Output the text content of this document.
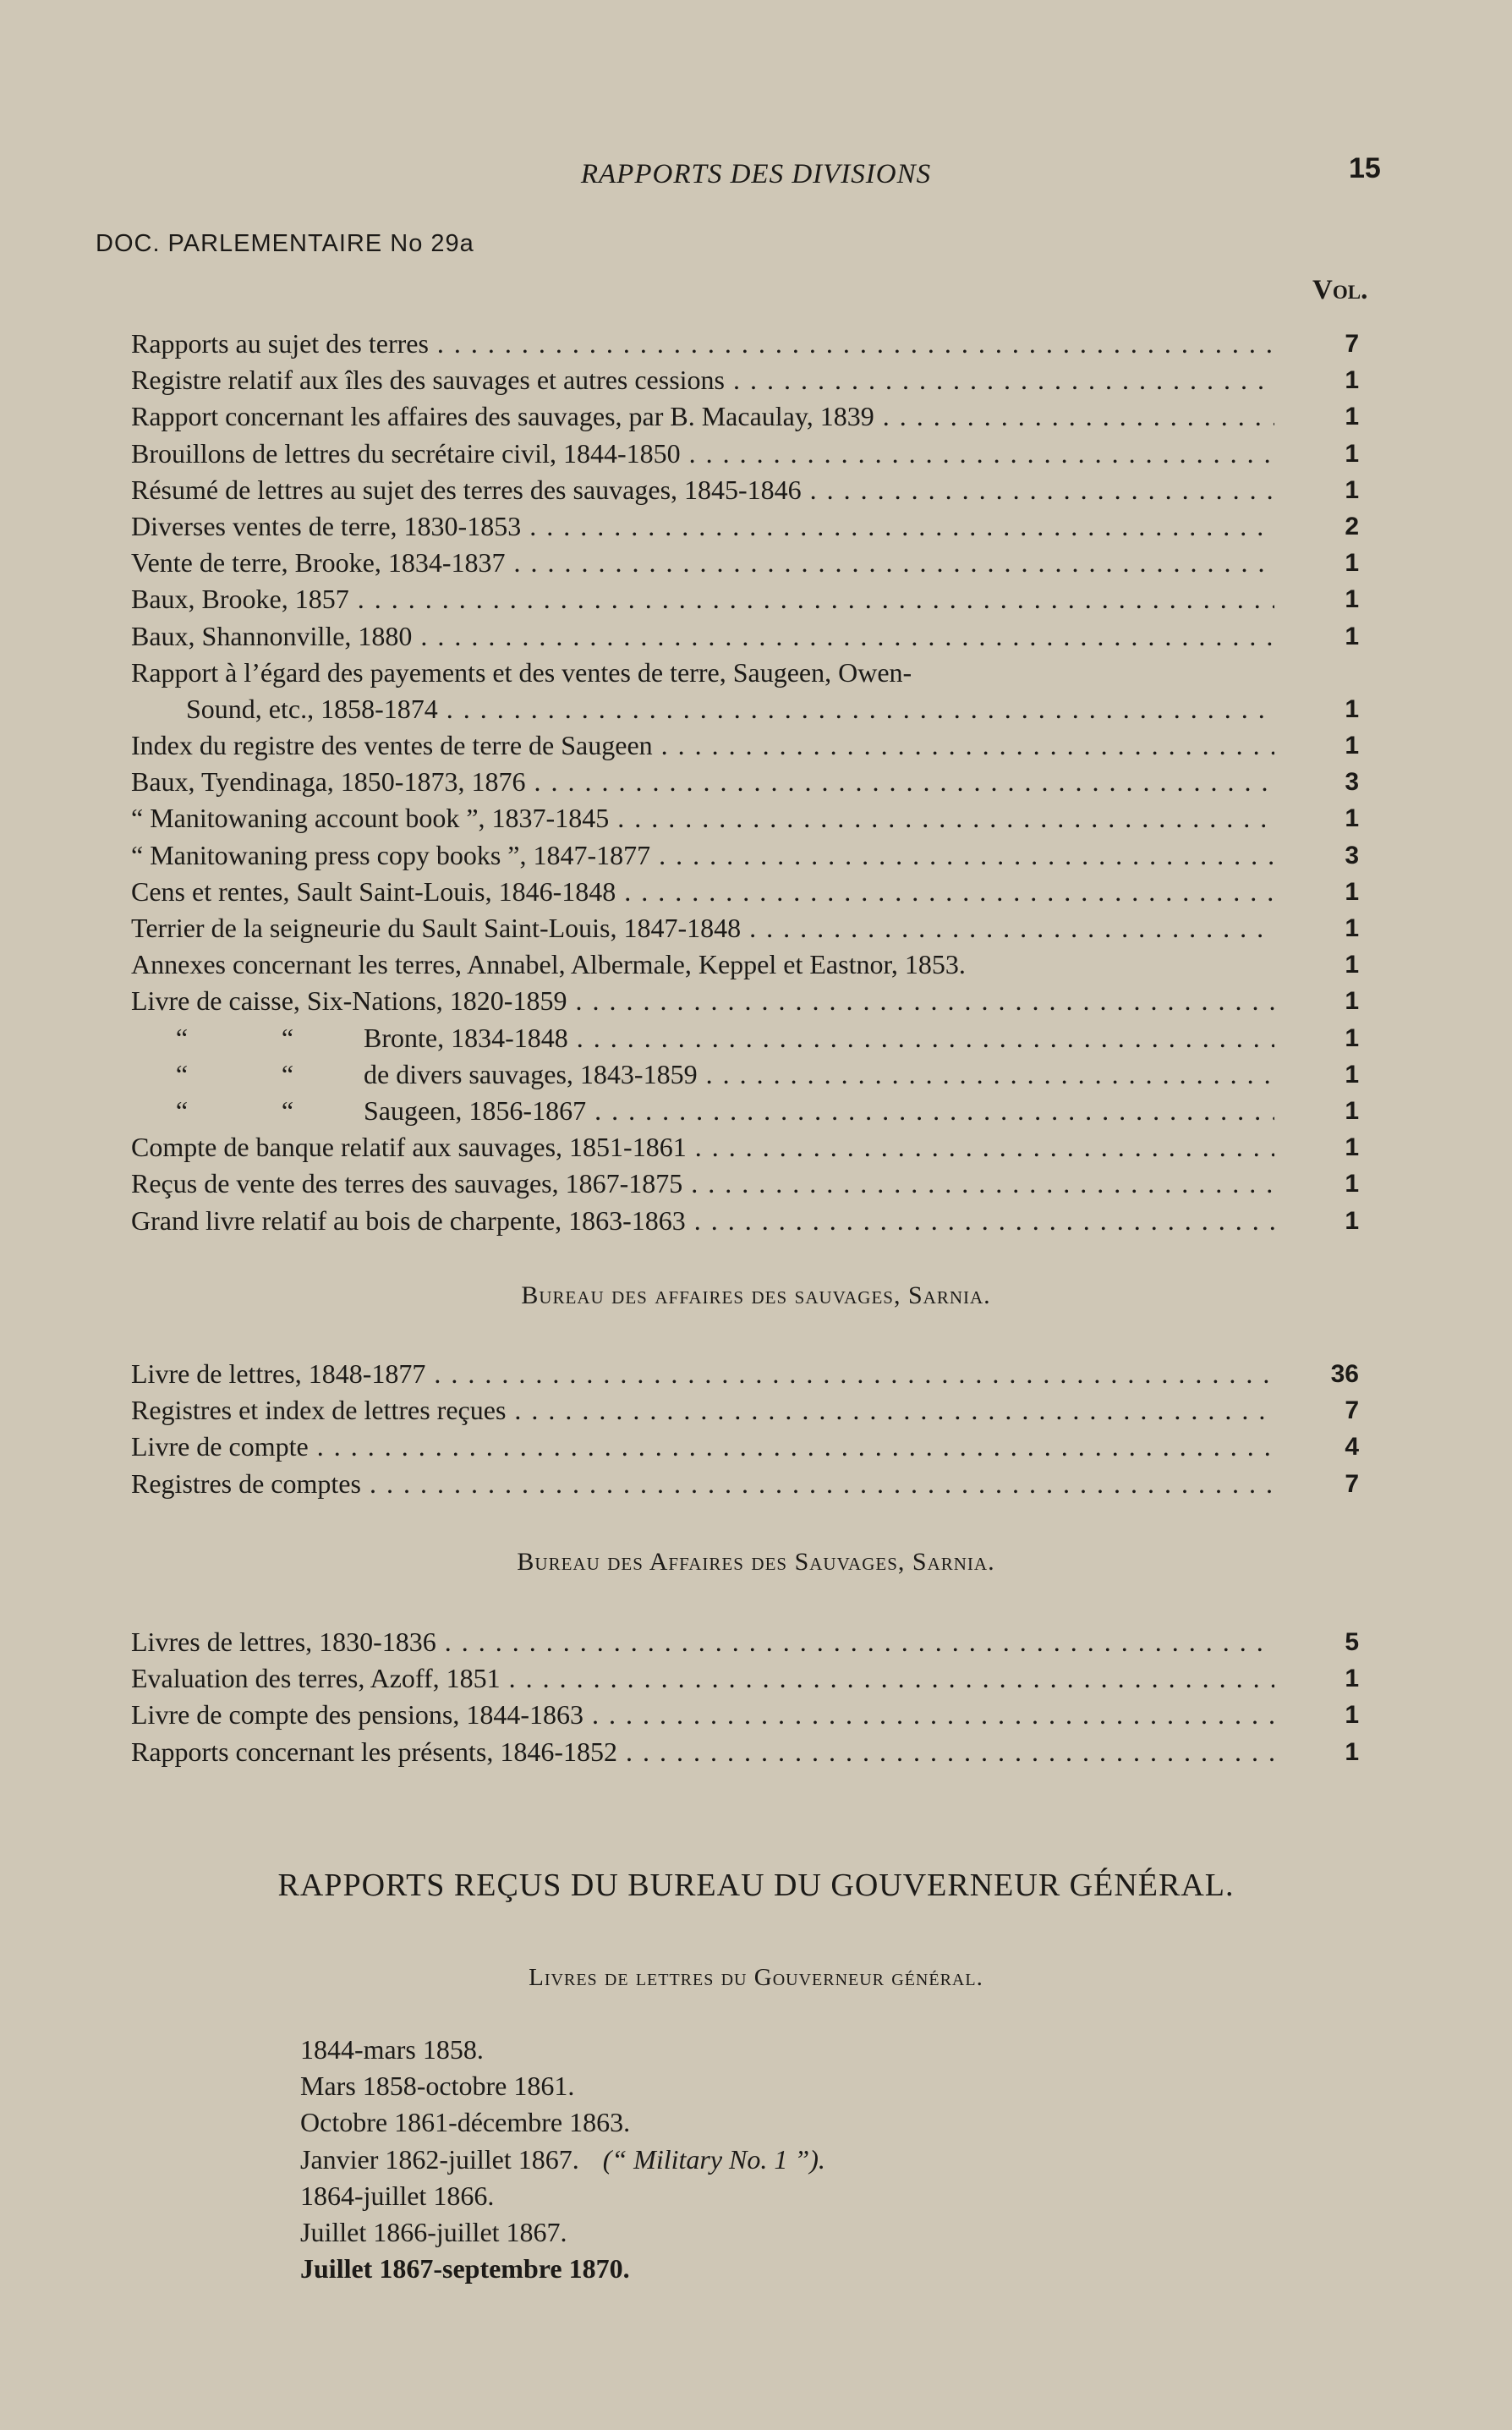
RAPPORTS DES DIVISIONS	15
DOC. PARLEMENTAIRE No 29a
Vol.
Rapports au sujet des terres . . .	7
Registre relatif aux îles des sauvages et autres cessions . . .	1
Rapport concernant les affaires des sauvages, par B. Macaulay, 1839 . . .	1
Brouillons de lettres du secrétaire civil, 1844-1850 . . .	1
Résumé de lettres au sujet des terres des sauvages, 1845-1846 . . .	1
Diverses ventes de terre, 1830-1853 . . .	2
Vente de terre, Brooke, 1834-1837 . . .	1
Baux, Brooke, 1857 . . .	1
Baux, Shannonville, 1880 . . .	1
Rapport à l’égard des payements et des ventes de terre, Saugeen, Owen-
Sound, etc., 1858-1874 . . .	1
Index du registre des ventes de terre de Saugeen . . .	1
Baux, Tyendinaga, 1850-1873, 1876 . . .	3
“ Manitowaning account book ”, 1837-1845 . . .	1
“ Manitowaning press copy books ”, 1847-1877 . . .	3
Cens et rentes, Sault Saint-Louis, 1846-1848 . . .	1
Terrier de la seigneurie du Sault Saint-Louis, 1847-1848 . . .	1
Annexes concernant les terres, Annabel, Albermale, Keppel et Eastnor, 1853.	1
Livre de caisse, Six-Nations, 1820-1859 . . .	1
“	“	Bronte, 1834-1848 . . .	1
“	“	de divers sauvages, 1843-1859 . . .	1
“	“	Saugeen, 1856-1867 . . .	1
Compte de banque relatif aux sauvages, 1851-1861 . . .	1
Reçus de vente des terres des sauvages, 1867-1875 . . .	1
Grand livre relatif au bois de charpente, 1863-1863 . . .	1
Bureau des affaires des sauvages, Sarnia.
Livre de lettres, 1848-1877 . . .	36
Registres et index de lettres reçues . . .	7
Livre de compte . . .	4
Registres de comptes . . .	7
Bureau des Affaires des Sauvages, Sarnia.
Livres de lettres, 1830-1836 . . .	5
Evaluation des terres, Azoff, 1851 . . .	1
Livre de compte des pensions, 1844-1863 . . .	1
Rapports concernant les présents, 1846-1852 . . .	1
RAPPORTS REÇUS DU BUREAU DU GOUVERNEUR GÉNÉRAL.
Livres de lettres du Gouverneur général.
1844-mars 1858.
Mars 1858-octobre 1861.
Octobre 1861-décembre 1863.
Janvier 1862-juillet 1867. (“ Military No. 1 ”).
1864-juillet 1866.
Juillet 1866-juillet 1867.
Juillet 1867-septembre 1870.
